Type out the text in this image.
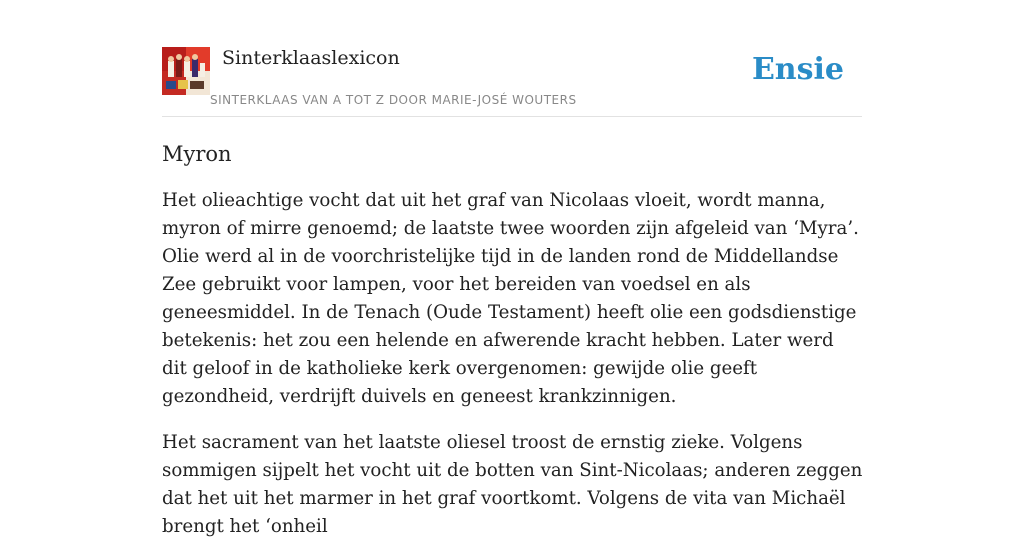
Sinterklaaslexicon
SINTERKLAAS VAN A TOT Z DOOR MARIE-JOSÉ WOUTERS
Ensie
Myron

Het olieachtige vocht dat uit het graf van Nicolaas vloeit, wordt manna, myron of mirre genoemd; de laatste twee woorden zijn afgeleid van ‘Myra’. Olie werd al in de voorchristelijke tijd in de landen rond de Middellandse Zee gebruikt voor lampen, voor het bereiden van voedsel en als geneesmiddel. In de Tenach (Oude Testament) heeft olie een godsdienstige betekenis: het zou een helende en afwerende kracht hebben. Later werd dit geloof in de katholieke kerk overgenomen: gewijde olie geeft gezondheid, verdrijft duivels en geneest krankzinnigen.

Het sacrament van het laatste oliesel troost de ernstig zieke. Volgens sommigen sijpelt het vocht uit de botten van Sint-Nicolaas; anderen zeggen dat het uit het marmer in het graf voortkomt. Volgens de vita van Michaël brengt het ‘onheil
